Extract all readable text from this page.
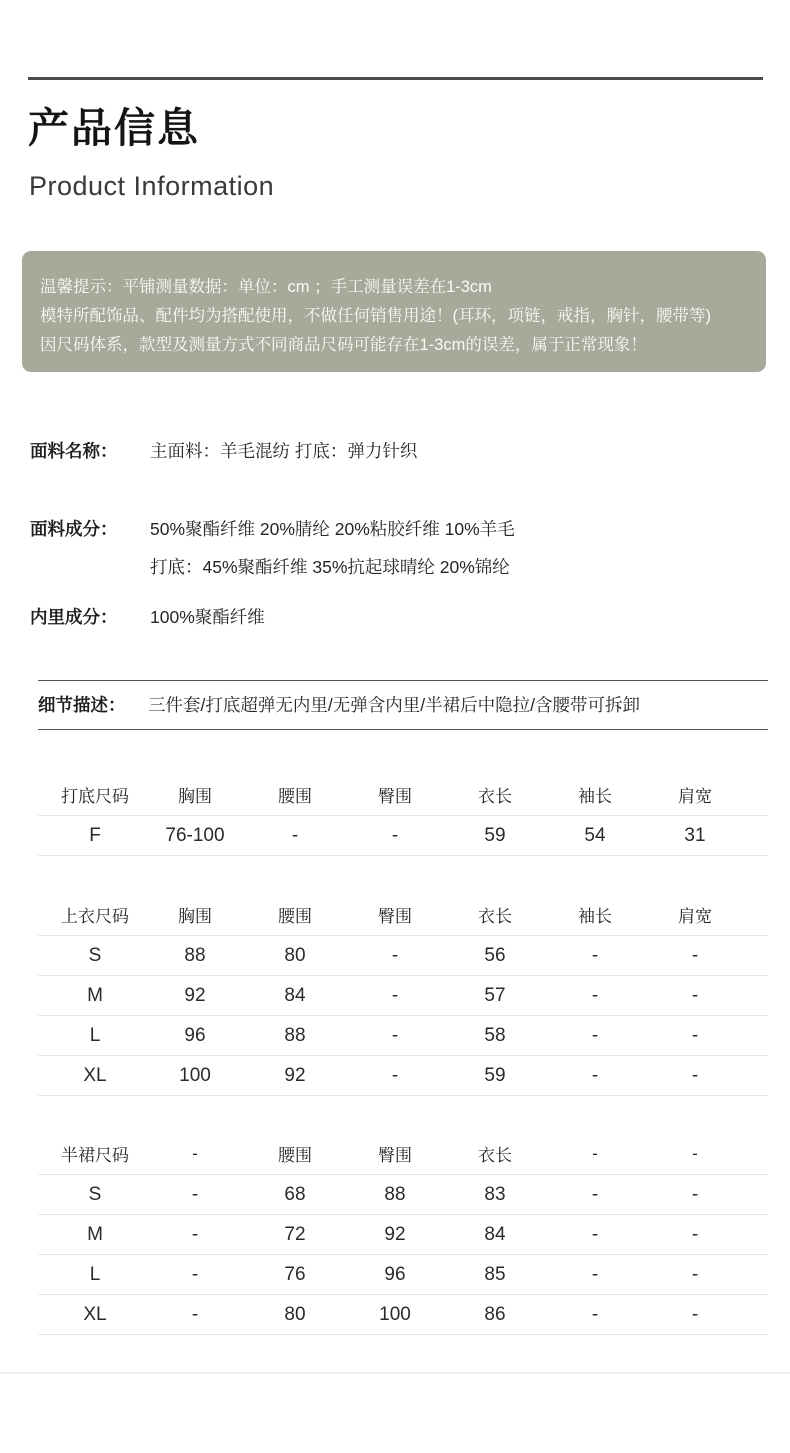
产品信息
Product Information
温馨提示：平铺测量数据：单位：cm ；手工测量误差在1-3cm
模特所配饰品、配件均为搭配使用，不做任何销售用途！(耳环，项链，戒指，胸针，腰带等)
因尺码体系，款型及测量方式不同商品尺码可能存在1-3cm的误差，属于正常现象！
面料名称：	主面料：羊毛混纺 打底：弹力针织
面料成分：	50%聚酯纤维 20%腈纶 20%粘胶纤维 10%羊毛
打底：45%聚酯纤维 35%抗起球晴纶 20%锦纶
内里成分：	100%聚酯纤维
细节描述：	三件套/打底超弹无内里/无弹含内里/半裙后中隐拉/含腰带可拆卸
打底尺码	胸围	腰围	臀围	衣长	袖长	肩宽
F	76-100	-	-	59	54	31
上衣尺码	胸围	腰围	臀围	衣长	袖长	肩宽
S	88	80	-	56	-	-
M	92	84	-	57	-	-
L	96	88	-	58	-	-
XL	100	92	-	59	-	-
半裙尺码	-	腰围	臀围	衣长	-	-
S	-	68	88	83	-	-
M	-	72	92	84	-	-
L	-	76	96	85	-	-
XL	-	80	100	86	-	-
